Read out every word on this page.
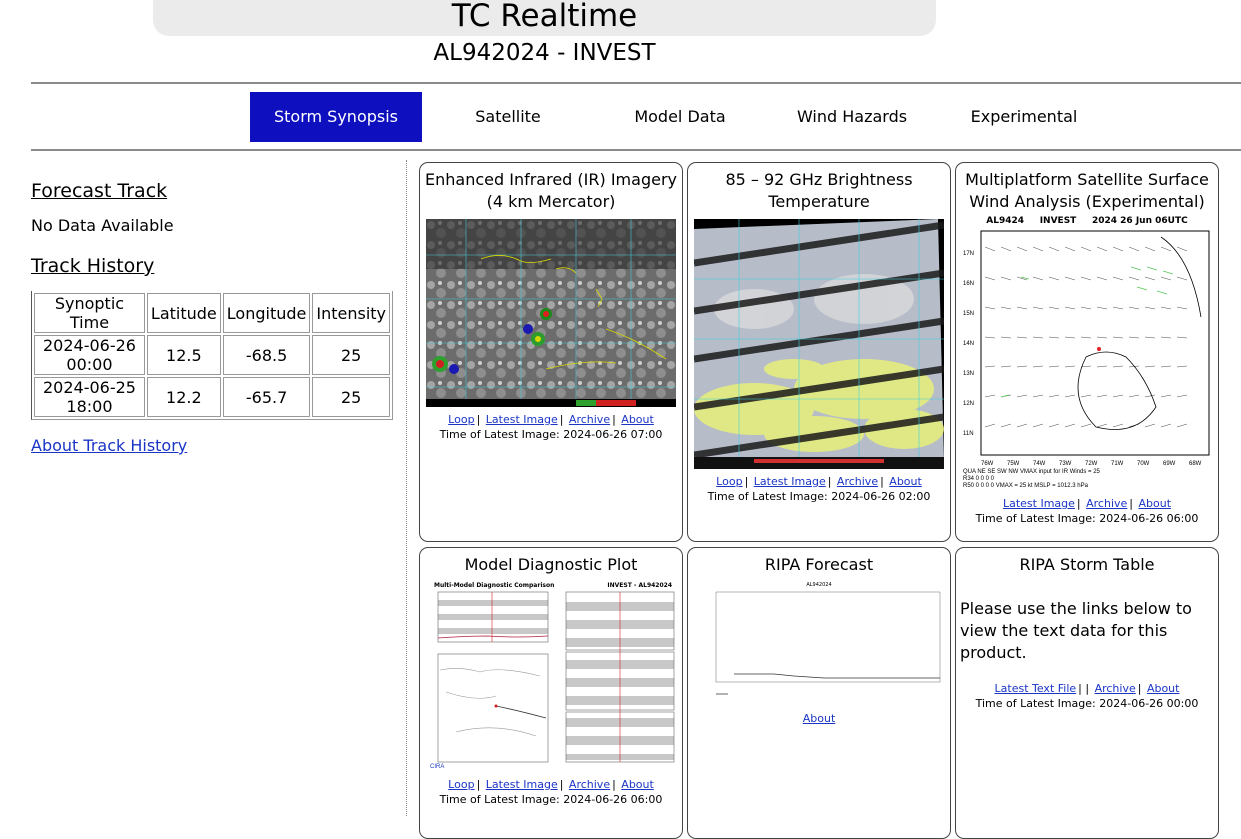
TC Realtime
AL942024 - INVEST
Storm Synopsis	Satellite	Model Data	Wind Hazards	Experimental
Forecast Track

No Data Available

Track History
Synoptic Time	Latitude	Longitude	Intensity
2024-06-26 00:00	12.5	-68.5	25
2024-06-25 18:00	12.2	-65.7	25

About Track History

Enhanced Infrared (IR) Imagery (4 km Mercator)
Loop | Latest Image | Archive | About
Time of Latest Image: 2024-06-26 07:00
85 – 92 GHz Brightness Temperature
Loop | Latest Image | Archive | About
Time of Latest Image: 2024-06-26 02:00
Multiplatform Satellite Surface Wind Analysis (Experimental)
AL9424     INVEST     2024 26 Jun 06UTC
17N
16N
15N
14N
13N
12N
11N
76W 75W 74W 73W 72W 71W 70W 69W 68W
QUA NE SE SW NW VMAX input for IR Winds = 25
R34 0 0 0 0
R50 0 0 0 0 VMAX = 25 kt MSLP = 1012.3 hPa
Latest Image | Archive | About
Time of Latest Image: 2024-06-26 06:00
Model Diagnostic Plot
Multi-Model Diagnostic Comparison	INVEST - AL942024
CIRA
Loop | Latest Image | Archive | About
Time of Latest Image: 2024-06-26 06:00
RIPA Forecast
AL942024
About
RIPA Storm Table
Please use the links below to view the text data for this product.
Latest Text File | | Archive | About
Time of Latest Image: 2024-06-26 00:00
